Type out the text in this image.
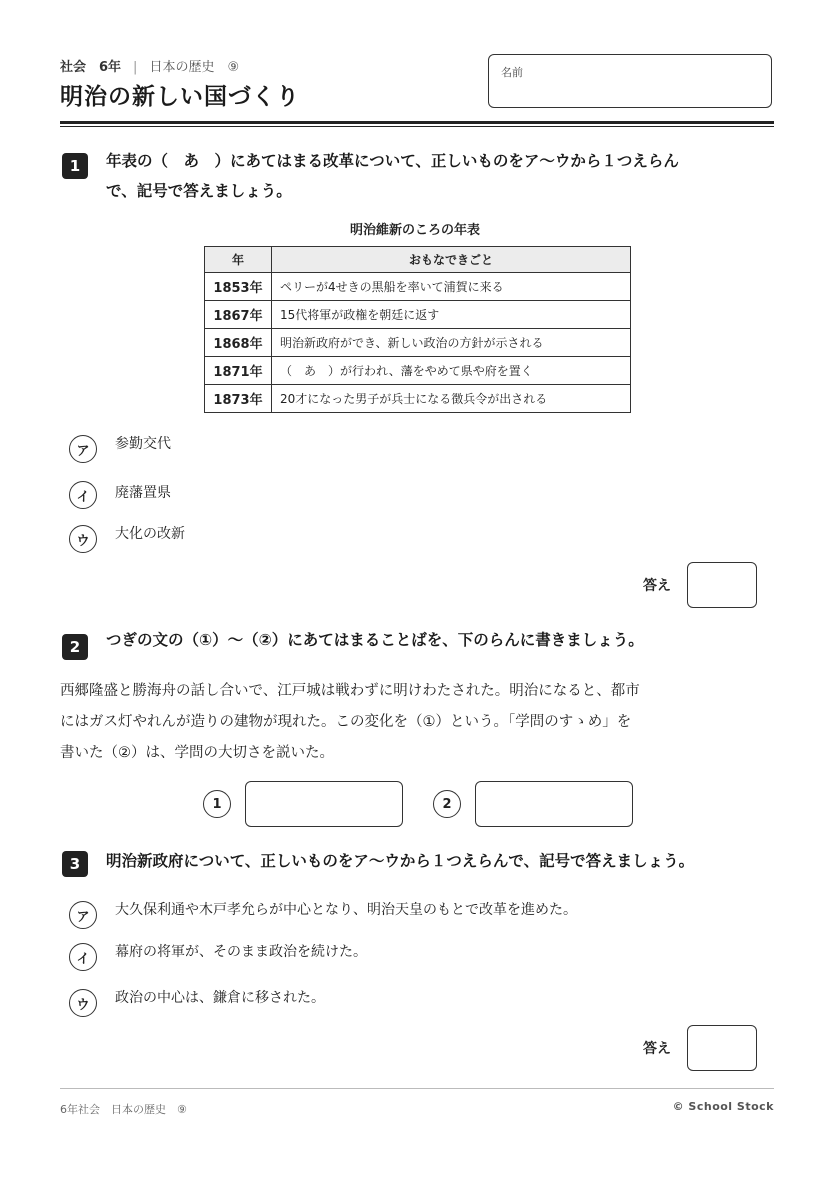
社会　6年 | 日本の歴史　⑨
明治の新しい国づくり
名前
1	年表の（　あ　）にあてはまる改革について、正しいものをア〜ウから１つえらん
で、記号で答えましょう。
明治維新のころの年表
年	おもなできごと
1853年	ペリーが4せきの黒船を率いて浦賀に来る
1867年	15代将軍が政権を朝廷に返す
1868年	明治新政府ができ、新しい政治の方針が示される
1871年	（　あ　）が行われ、藩をやめて県や府を置く
1873年	20才になった男子が兵士になる徴兵令が出される
ア	参勤交代
イ	廃藩置県
ウ	大化の改新
答え
2	つぎの文の（①）〜（②）にあてはまることばを、下のらんに書きましょう。
西郷隆盛と勝海舟の話し合いで、江戸城は戦わずに明けわたされた。明治になると、都市
にはガス灯やれんが造りの建物が現れた。この変化を（①）という。「学問のすゝめ」を
書いた（②）は、学問の大切さを説いた。
1	2
3	明治新政府について、正しいものをア〜ウから１つえらんで、記号で答えましょう。
ア	大久保利通や木戸孝允らが中心となり、明治天皇のもとで改革を進めた。
イ	幕府の将軍が、そのまま政治を続けた。
ウ	政治の中心は、鎌倉に移された。
答え
6年社会　日本の歴史　⑨	© School Stock
